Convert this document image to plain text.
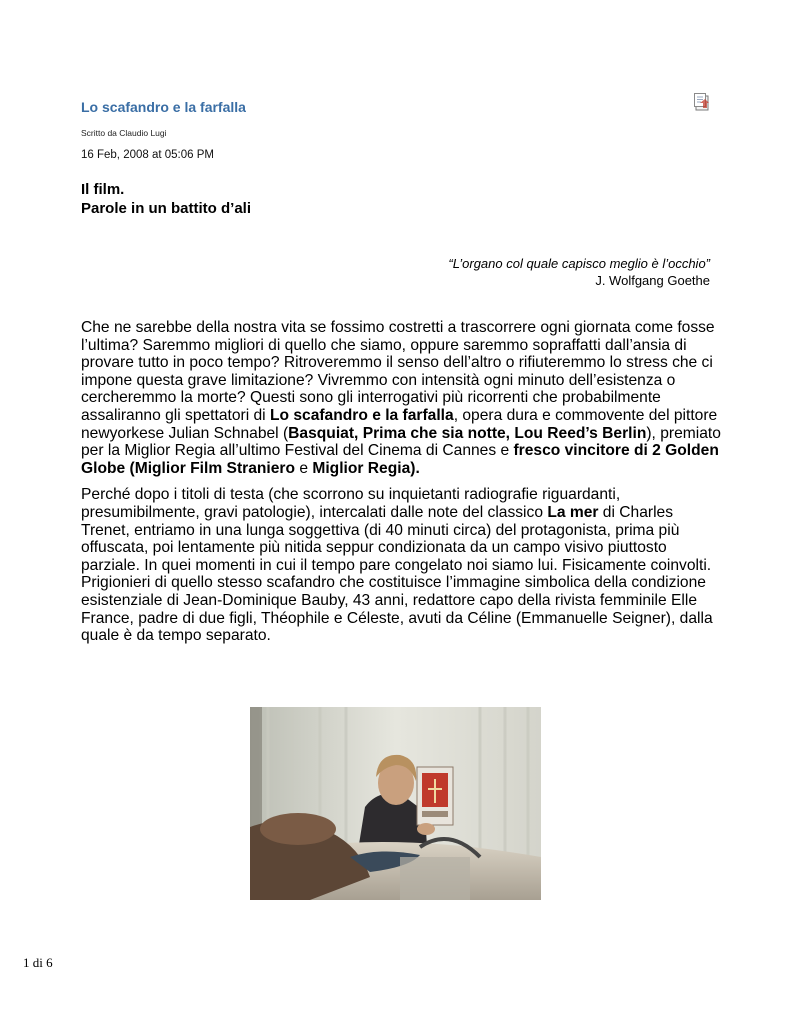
Lo scafandro e la farfalla
Scritto da Claudio Lugi
16 Feb, 2008 at 05:06 PM
Il film.
Parole in un battito d’ali
“L’organo col quale capisco meglio è l’occhio”
J. Wolfgang Goethe

Che ne sarebbe della nostra vita se fossimo costretti a trascorrere ogni giornata come fosse l’ultima? Saremmo migliori di quello che siamo, oppure saremmo sopraffatti dall’ansia di provare tutto in poco tempo? Ritroveremmo il senso dell’altro o rifiuteremmo lo stress che ci impone questa grave limitazione? Vivremmo con intensità ogni minuto dell’esistenza o cercheremmo la morte? Questi sono gli interrogativi più ricorrenti che probabilmente assaliranno gli spettatori di Lo scafandro e la farfalla, opera dura e commovente del pittore newyorkese Julian Schnabel (Basquiat, Prima che sia notte, Lou Reed’s Berlin), premiato per la Miglior Regia all’ultimo Festival del Cinema di Cannes e fresco vincitore di 2 Golden Globe (Miglior Film Straniero e Miglior Regia).

Perché dopo i titoli di testa (che scorrono su inquietanti radiografie riguardanti, presumibilmente, gravi patologie), intercalati dalle note del classico La mer di Charles Trenet, entriamo in una lunga soggettiva (di 40 minuti circa) del protagonista, prima più offuscata, poi lentamente più nitida seppur condizionata da un campo visivo piuttosto parziale. In quei momenti in cui il tempo pare congelato noi siamo lui. Fisicamente coinvolti. Prigionieri di quello stesso scafandro che costituisce l’immagine simbolica della condizione esistenziale di Jean-Dominique Bauby, 43 anni, redattore capo della rivista femminile Elle France, padre di due figli, Théophile e Céleste, avuti da Céline (Emmanuelle Seigner), dalla quale è da tempo separato.

1 di 6
